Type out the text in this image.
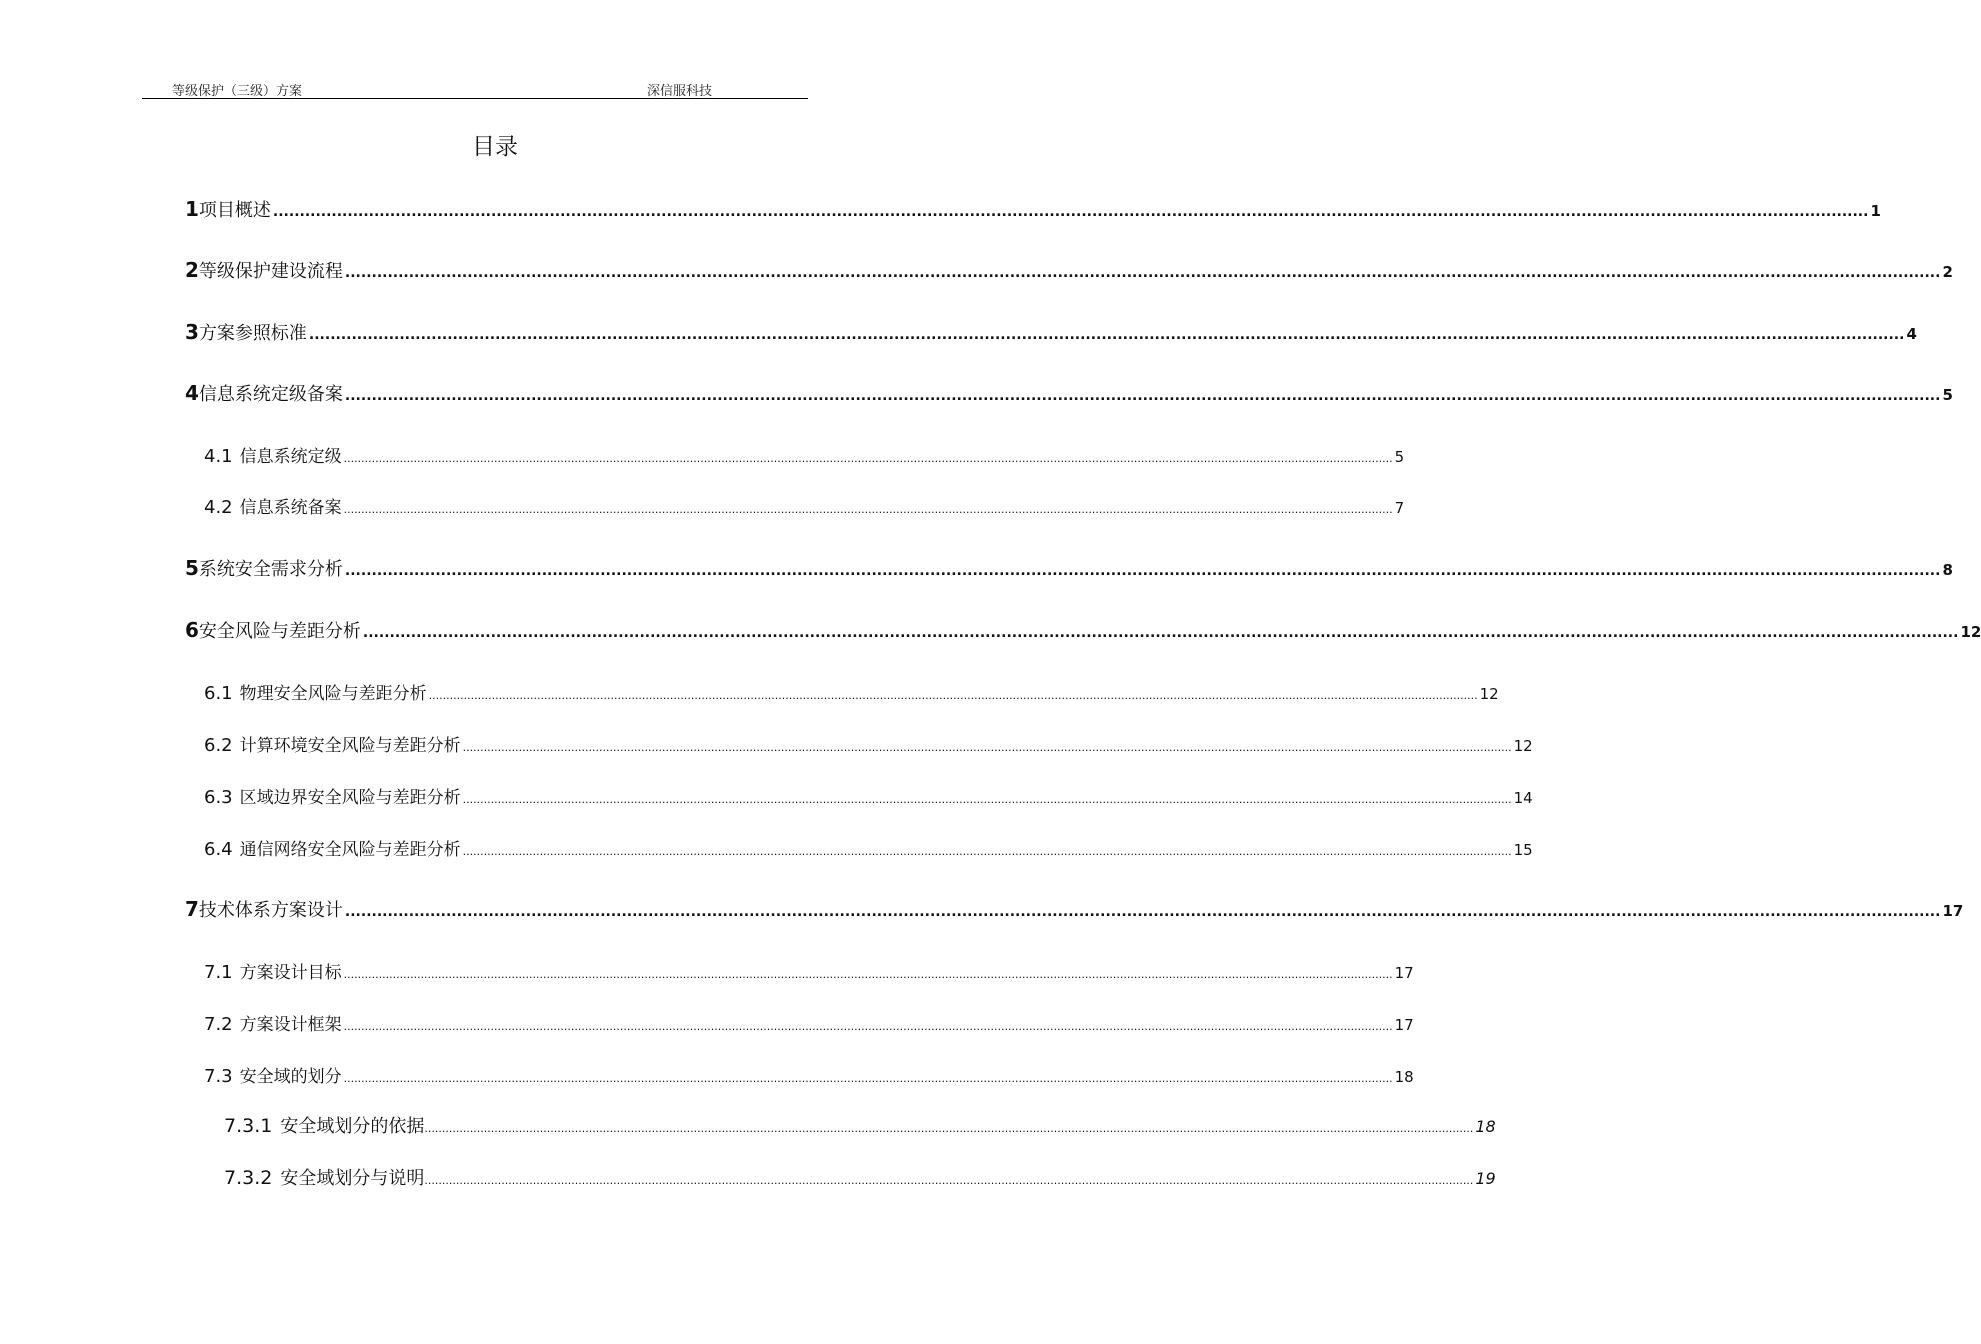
等级保护（三级）方案	深信服科技
目录
1 项目概述 ............................................................................................................................................................................................................................................................................................................ 1
2 等级保护建设流程 ............................................................................................................................................................................................................................................................................................................ 2
3 方案参照标准 ............................................................................................................................................................................................................................................................................................................ 4
4 信息系统定级备案 ............................................................................................................................................................................................................................................................................................................ 5
4.1 信息系统定级 ............................................................................................................................................................................................................................................................................................................ 5
4.2 信息系统备案 ............................................................................................................................................................................................................................................................................................................ 7
5 系统安全需求分析 ............................................................................................................................................................................................................................................................................................................ 8
6 安全风险与差距分析 ............................................................................................................................................................................................................................................................................................................ 12
6.1 物理安全风险与差距分析 ............................................................................................................................................................................................................................................................................................................ 12
6.2 计算环境安全风险与差距分析 ............................................................................................................................................................................................................................................................................................................ 12
6.3 区域边界安全风险与差距分析 ............................................................................................................................................................................................................................................................................................................ 14
6.4 通信网络安全风险与差距分析 ............................................................................................................................................................................................................................................................................................................ 15
7 技术体系方案设计 ............................................................................................................................................................................................................................................................................................................ 17
7.1 方案设计目标 ............................................................................................................................................................................................................................................................................................................ 17
7.2 方案设计框架 ............................................................................................................................................................................................................................................................................................................ 17
7.3 安全域的划分 ............................................................................................................................................................................................................................................................................................................ 18
7.3.1 安全域划分的依据 ............................................................................................................................................................................................................................................................................................................ 18
7.3.2 安全域划分与说明 ............................................................................................................................................................................................................................................................................................................ 19
